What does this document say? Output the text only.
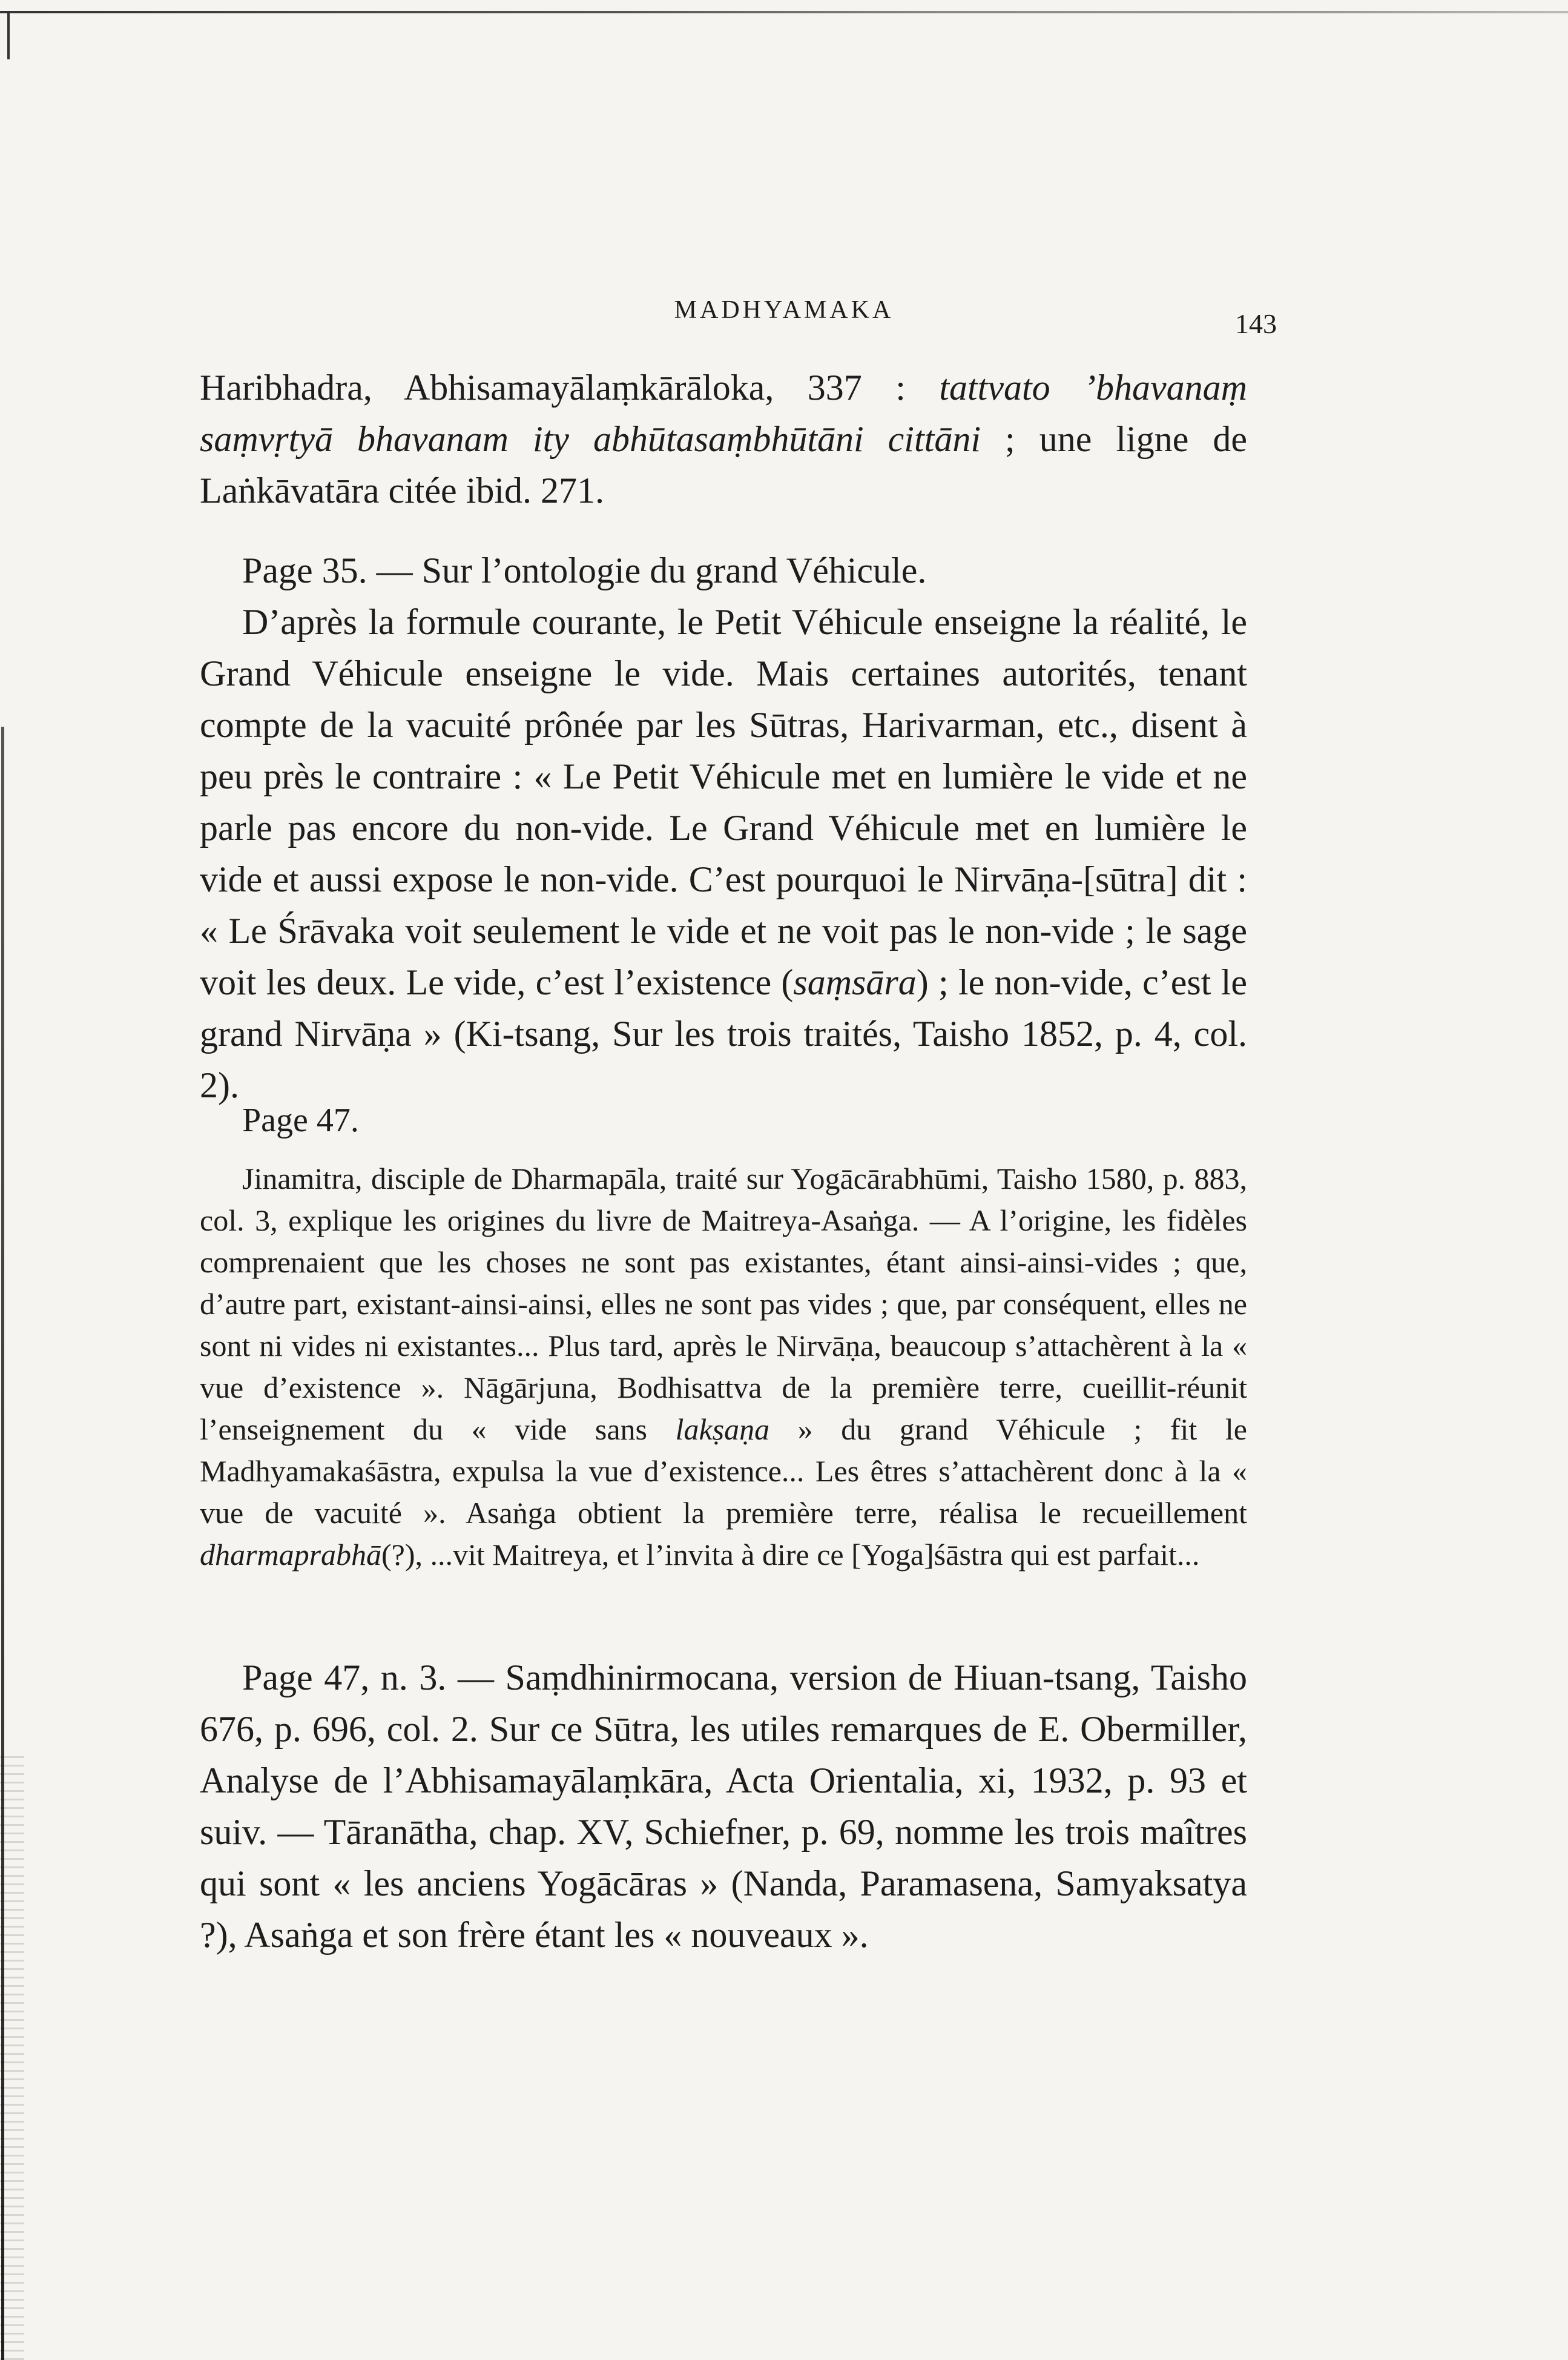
MADHYAMAKA	143

Haribhadra, Abhisamayālaṃkārāloka, 337 : tattvato ’bhavanaṃ saṃvṛtyā bhavanam ity abhūtasaṃbhūtāni cittāni ; une ligne de Laṅkāvatāra citée ibid. 271.

Page 35. — Sur l’ontologie du grand Véhicule.

D’après la formule courante, le Petit Véhicule enseigne la réalité, le Grand Véhicule enseigne le vide. Mais certaines autorités, tenant compte de la vacuité prônée par les Sūtras, Harivarman, etc., disent à peu près le contraire : « Le Petit Véhicule met en lumière le vide et ne parle pas encore du non-vide. Le Grand Véhicule met en lumière le vide et aussi expose le non-vide. C’est pourquoi le Nirvāṇa-[sūtra] dit : « Le Śrāvaka voit seulement le vide et ne voit pas le non-vide ; le sage voit les deux. Le vide, c’est l’existence (saṃsāra) ; le non-vide, c’est le grand Nirvāṇa » (Ki-tsang, Sur les trois traités, Taisho 1852, p. 4, col. 2).

Page 47.

Jinamitra, disciple de Dharmapāla, traité sur Yogācārabhūmi, Taisho 1580, p. 883, col. 3, explique les origines du livre de Maitreya-Asaṅga. — A l’origine, les fidèles comprenaient que les choses ne sont pas existantes, étant ainsi-ainsi-vides ; que, d’autre part, existant-ainsi-ainsi, elles ne sont pas vides ; que, par conséquent, elles ne sont ni vides ni existantes... Plus tard, après le Nirvāṇa, beaucoup s’attachèrent à la « vue d’existence ». Nāgārjuna, Bodhisattva de la première terre, cueillit-réunit l’enseignement du « vide sans lakṣaṇa » du grand Véhicule ; fit le Madhyamakaśāstra, expulsa la vue d’existence... Les êtres s’attachèrent donc à la « vue de vacuité ». Asaṅga obtient la première terre, réalisa le recueillement dharmaprabhā(?), ...vit Maitreya, et l’invita à dire ce [Yoga]śāstra qui est parfait...

Page 47, n. 3. — Saṃdhinirmocana, version de Hiuan-tsang, Taisho 676, p. 696, col. 2. Sur ce Sūtra, les utiles remarques de E. Obermiller, Analyse de l’Abhisamayālaṃkāra, Acta Orientalia, xi, 1932, p. 93 et suiv. — Tāranātha, chap. XV, Schiefner, p. 69, nomme les trois maîtres qui sont « les anciens Yogācāras » (Nanda, Paramasena, Samyaksatya ?), Asaṅga et son frère étant les « nouveaux ».
